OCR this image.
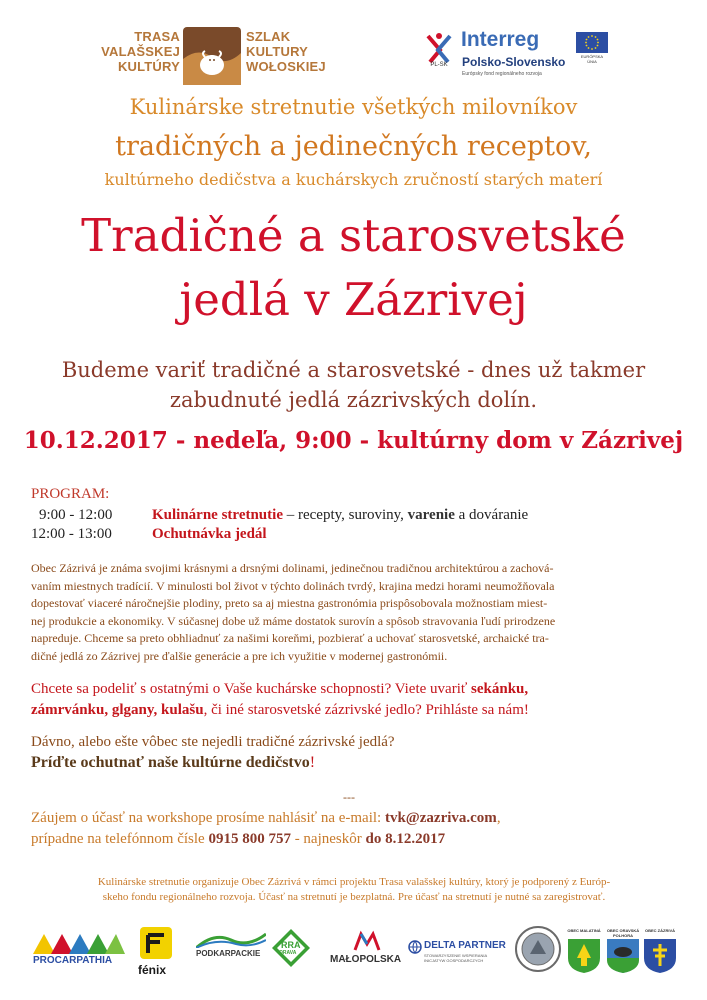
TRASA
VALAŠSKEJ
KULTÚRY
SZLAK
KULTURY
WOŁOSKIEJ	PL-SK
Interreg
Polsko-Slovensko
Európsky fond regionálneho rozvoja
EURÓPSKA ÚNIA
Kulinárske stretnutie všetkých milovníkov
tradičných a jedinečných receptov,
kultúrneho dedičstva a kuchárskych zručností starých materí
Tradičné a starosvetské
jedlá v Zázrivej
Budeme variť tradičné a starosvetské - dnes už takmer
zabudnuté jedlá zázrivských dolín.
10.12.2017 - nedeľa, 9:00 - kultúrny dom v Zázrivej
PROGRAM:
9:00 - 12:00	Kulinárne stretnutie – recepty, suroviny, varenie a dováranie
12:00 - 13:00	Ochutnávka jedál
Obec Zázrivá je známa svojimi krásnymi a drsnými dolinami, jedinečnou tradičnou architektúrou a zachová-
vaním miestnych tradícií. V minulosti bol život v týchto dolinách tvrdý, krajina medzi horami neumožňovala
dopestovať viaceré náročnejšie plodiny, preto sa aj miestna gastronómia prispôsobovala možnostiam miest-
nej produkcie a ekonomiky. V súčasnej dobe už máme dostatok surovín a spôsob stravovania ľudí prirodzene
napreduje. Chceme sa preto obhliadnuť za našimi koreňmi, pozbierať a uchovať starosvetské, archaické tra-
dičné jedlá zo Zázrivej pre ďalšie generácie a pre ich využitie v modernej gastronómii.
Chcete sa podeliť s ostatnými o Vaše kuchárske schopnosti? Viete uvariť sekánku,
zámrvánku, glgany, kulašu, či iné starosvetské zázrivské jedlo? Prihláste sa nám!
Dávno, alebo ešte vôbec ste nejedli tradičné zázrivské jedlá?
Príďte ochutnať naše kultúrne dedičstvo!
---
Záujem o účasť na workshope prosíme nahlásiť na e-mail: tvk@zazriva.com,
prípadne na telefónnom čísle 0915 800 757 - najneskôr do 8.12.2017
Kulinárske stretnutie organizuje Obec Zázrivá v rámci projektu Trasa valašskej kultúry, ktorý je podporený z Európ-
skeho fondu regionálneho rozvoja. Účasť na stretnutí je bezplatná. Pre účasť na stretnutí je nutné sa zaregistrovať.
PROCARPATHIA
fénix
PODKARPACKIE
RRA
ORAVA
MAŁOPOLSKA
DELTA PARTNER
STOWARZYSZENIE WSPIERANIA INICJATYW GOSPODARCZYCH
OBEC MALATINÁ	OBEC ORAVSKÁ POLHORA
OBEC ZÁZRIVÁ
